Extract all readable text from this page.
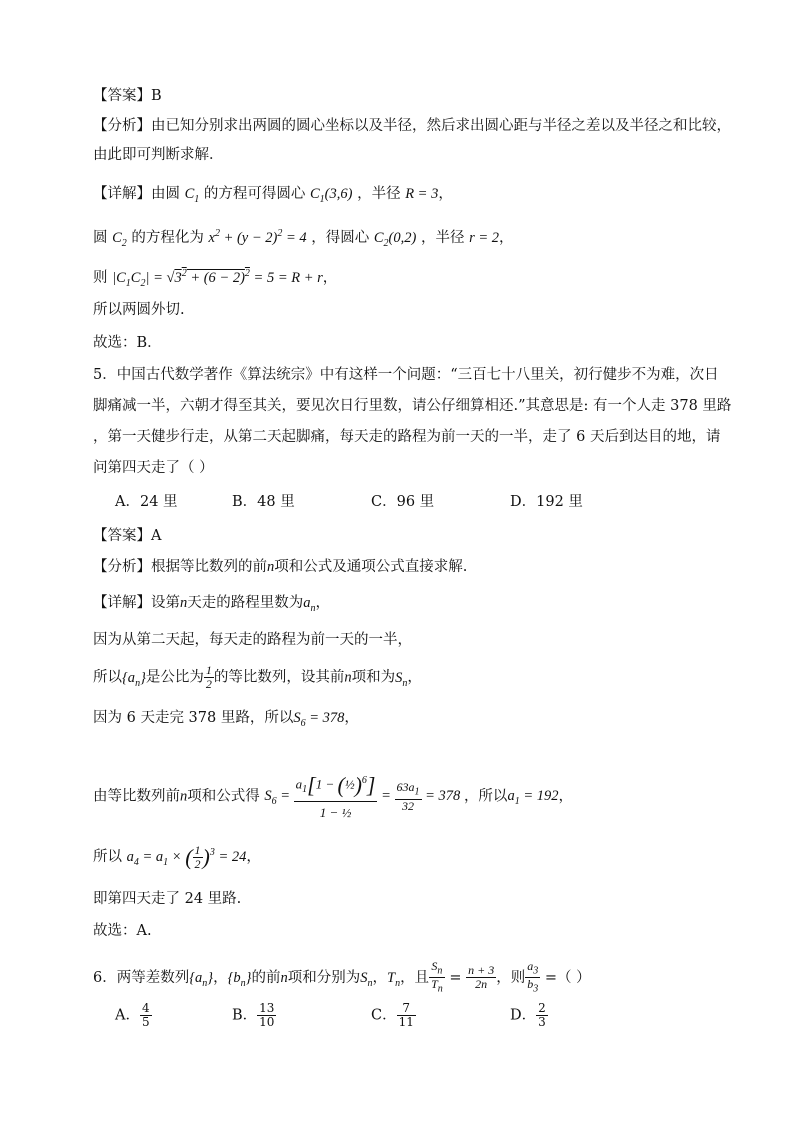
【答案】B
【分析】由已知分别求出两圆的圆心坐标以及半径，然后求出圆心距与半径之差以及半径之和比较，
由此即可判断求解．
【详解】由圆 $C_1$ 的方程可得圆心 $C_1(3,6)$ ，半径 R = 3，
圆 $C_2$ 的方程化为 $x^2 + (y - 2)^2 = 4$ ，得圆心 $C_2(0,2)$ ，半径 r = 2，
则 $|C_1C_2| = √3^2 + (6 - 2)^2 = 5 = R + r$，
所以两圆外切.
故选：B．
5．中国古代数学著作《算法统宗》中有这样一个问题：“三百七十八里关，初行健步不为难，次日
脚痛减一半，六朝才得至其关，要见次日行里数，请公仔细算相还.”其意思是: 有一个人走 378 里路
，第一天健步行走，从第二天起脚痛，每天走的路程为前一天的一半，走了 6 天后到达目的地，请
问第四天走了（ ）
A．24 里	B．48 里	C．96 里	D．192 里
【答案】A
【分析】根据等比数列的前n项和公式及通项公式直接求解.
【详解】设第n天走的路程里数为$a_n$，
因为从第二天起，每天走的路程为前一天的一半，
所以$\{a_n\}$是公比为 $\frac{1}{2}$ 的等比数列，设其前n项和为$S_n$，
因为 6 天走完 378 里路，所以$S_6 = 378$，
由等比数列前n项和公式得 $S_6 = \frac{a_1[1 - (\frac{1}{2})^6]}{\text{1 − ½}} = \frac{63a_1}{32} = 378$ ，所以$a_1 = 192$，
所以 $a_4 = a_1$ × ( $\frac{1}{2} )^3 = 24$，
即第四天走了 24 里路.
故选：A.
6．两等差数列$\{a_n\}$，$\{b_n\}$的前n项和分别为$S_n$，$T_n$，且 $\frac{S_n}{T_n} = \frac{n + 3}{2n}$ ，则 $\frac{a_3}{b_3}$ =（ ）
A． $\frac{4}{5}$	B． $\frac{13}{10}$	C． $\frac{7}{11}$	D． $\frac{2}{3}$
